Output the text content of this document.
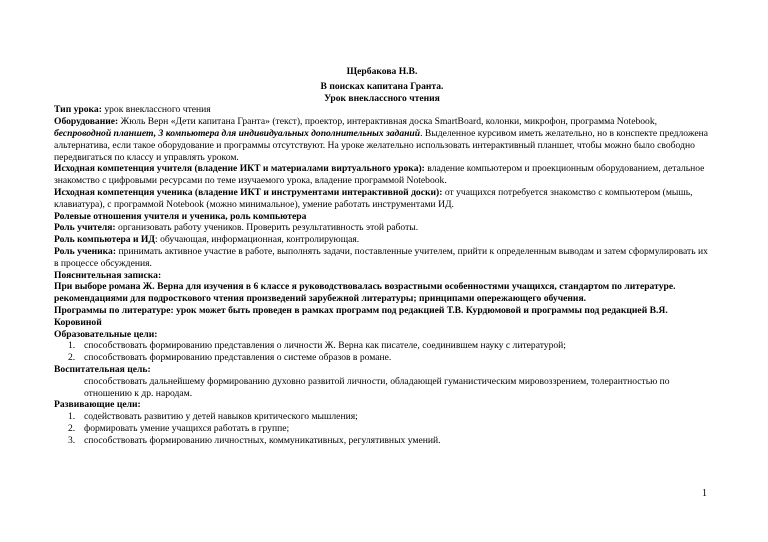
Щербакова Н.В.
В поисках капитана Гранта.
Урок внеклассного чтения

Тип урока: урок внеклассного чтения

Оборудование: Жюль Верн «Дети капитана Гранта» (текст), проектор, интерактивная доска SmartBoard, колонки, микрофон, программа Notebook, беспроводной планшет, 3 компьютера для индивидуальных дополнительных заданий. Выделенное курсивом иметь желательно, но в конспекте предложена альтернатива, если такое оборудование и программы отсутствуют. На уроке желательно использовать интерактивный планшет, чтобы можно было свободно передвигаться по классу и управлять уроком.

Исходная компетенция учителя (владение ИКТ и материалами виртуального урока): владение компьютером и проекционным оборудованием, детальное знакомство с цифровыми ресурсами по теме изучаемого урока, владение программой Notebook.

Исходная компетенция ученика (владение ИКТ и инструментами интерактивной доски): от учащихся потребуется знакомство с компьютером (мышь, клавиатура), с программой Notebook (можно минимальное), умение работать инструментами ИД.

Ролевые отношения учителя и ученика, роль компьютера

Роль учителя: организовать работу учеников. Проверить результативность этой работы.

Роль компьютера и ИД: обучающая, информационная, контролирующая.

Роль ученика: принимать активное участие в работе, выполнять задачи, поставленные учителем, прийти к определенным выводам и затем сформулировать их в процессе обсуждения.

Пояснительная записка:

При выборе романа Ж. Верна для изучения в 6 классе я руководствовалась возрастными особенностями учащихся, стандартом по литературе. рекомендациями для подросткового чтения произведений зарубежной литературы; принципами опережающего обучения.

Программы по литературе: урок может быть проведен в рамках программ под редакцией Т.В. Курдюмовой и программы под редакцией В.Я. Коровиной

Образовательные цели:

1. способствовать формированию представления о личности Ж. Верна как писателе, соединившем науку с литературой;
2. способствовать формированию представления о системе образов в романе.

Воспитательная цель:

способствовать дальнейшему формированию духовно развитой личности, обладающей гуманистическим мировоззрением, толерантностью по отношению к др. народам.

Развивающие цели:

1. содействовать развитию у детей навыков критического мышления;
2. формировать умение учащихся работать в группе;
3. способствовать формированию личностных, коммуникативных, регулятивных умений.
1
